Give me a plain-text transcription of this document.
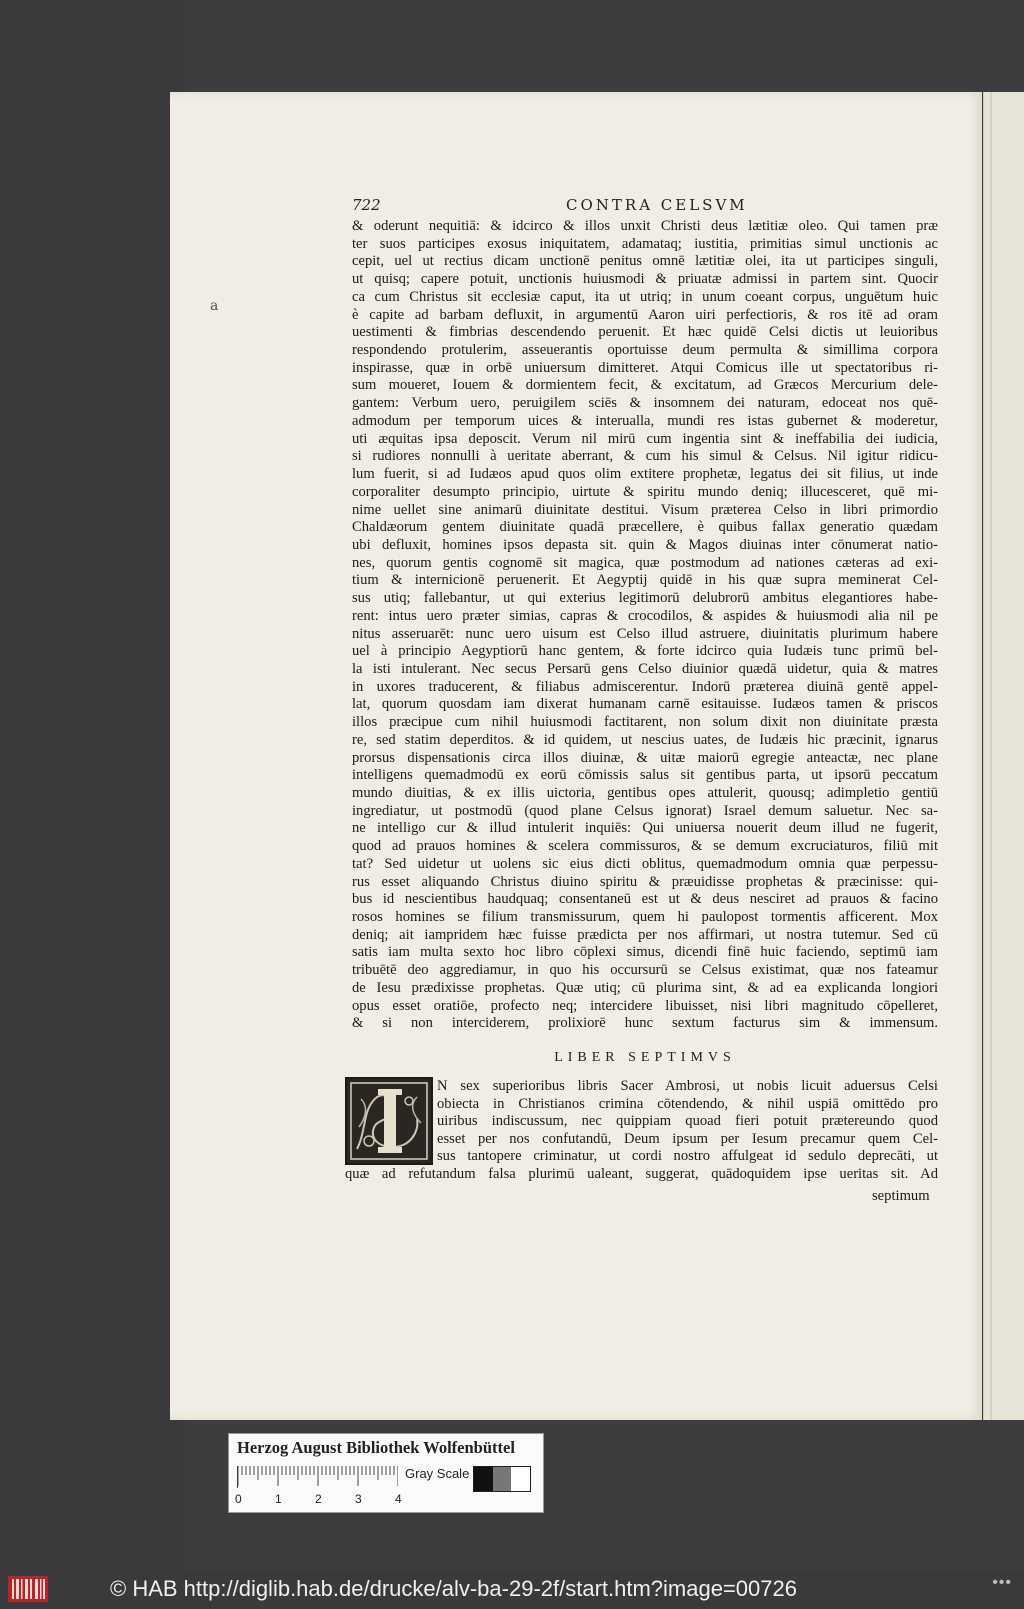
722	CONTRA CELSVM
a
& oderunt nequitiā: & idcirco & illos unxit Christi deus lætitiæ oleo. Qui tamen præ
ter suos participes exosus iniquitatem, adamataq; iustitia, primitias simul unctionis ac
cepit, uel ut rectius dicam unctionē penitus omnē lætitiæ olei, ita ut participes singuli,
ut quisq; capere potuit, unctionis huiusmodi & priuatæ admissi in partem sint. Quocir
ca cum Christus sit ecclesiæ caput, ita ut utriq; in unum coeant corpus, unguētum huic
è capite ad barbam defluxit, in argumentū Aaron uiri perfectioris, & ros itē ad oram
uestimenti & fimbrias descendendo peruenit. Et hæc quidē Celsi dictis ut leuioribus
respondendo protulerim, asseuerantis oportuisse deum permulta & simillima corpora
inspirasse, quæ in orbē uniuersum dimitteret. Atqui Comicus ille ut spectatoribus ri-
sum moueret, Iouem & dormientem fecit, & excitatum, ad Græcos Mercurium dele-
gantem: Verbum uero, peruigilem sciēs & insomnem dei naturam, edoceat nos quē-
admodum per temporum uices & interualla, mundi res istas gubernet & moderetur,
uti æquitas ipsa deposcit. Verum nil mirū cum ingentia sint & ineffabilia dei iudicia,
si rudiores nonnulli à ueritate aberrant, & cum his simul & Celsus. Nil igitur ridicu-
lum fuerit, si ad Iudæos apud quos olim extitere prophetæ, legatus dei sit filius, ut inde
corporaliter desumpto principio, uirtute & spiritu mundo deniq; illucesceret, quē mi-
nime uellet sine animarū diuinitate destitui. Visum præterea Celso in libri primordio
Chaldæorum gentem diuinitate quadā præcellere, è quibus fallax generatio quædam
ubi defluxit, homines ipsos depasta sit. quin & Magos diuinas inter cōnumerat natio-
nes, quorum gentis cognomē sit magica, quæ postmodum ad nationes cæteras ad exi-
tium & internicionē peruenerit. Et Aegyptij quidē in his quæ supra meminerat Cel-
sus utiq; fallebantur, ut qui exterius legitimorū delubrorū ambitus elegantiores habe-
rent: intus uero præter simias, capras & crocodilos, & aspides & huiusmodi alia nil pe
nitus asseruarēt: nunc uero uisum est Celso illud astruere, diuinitatis plurimum habere
uel à principio Aegyptiorū hanc gentem, & forte idcirco quia Iudæis tunc primū bel-
la isti intulerant. Nec secus Persarū gens Celso diuinior quædā uidetur, quia & matres
in uxores traducerent, & filiabus admiscerentur. Indorū præterea diuinā gentē appel-
lat, quorum quosdam iam dixerat humanam carnē esitauisse. Iudæos tamen & priscos
illos præcipue cum nihil huiusmodi factitarent, non solum dixit non diuinitate præsta
re, sed statim deperditos. & id quidem, ut nescius uates, de Iudæis hic præcinit, ignarus
prorsus dispensationis circa illos diuinæ, & uitæ maiorū egregie anteactæ, nec plane
intelligens quemadmodū ex eorū cōmissis salus sit gentibus parta, ut ipsorū peccatum
mundo diuitias, & ex illis uictoria, gentibus opes attulerit, quousq; adimpletio gentiū
ingrediatur, ut postmodū (quod plane Celsus ignorat) Israel demum saluetur. Nec sa-
ne intelligo cur & illud intulerit inquiēs: Qui uniuersa nouerit deum illud ne fugerit,
quod ad prauos homines & scelera commissuros, & se demum excruciaturos, filiū mit
tat? Sed uidetur ut uolens sic eius dicti oblitus, quemadmodum omnia quæ perpessu-
rus esset aliquando Christus diuino spiritu & præuidisse prophetas & præcinisse: qui-
bus id nescientibus haudquaq; consentaneū est ut & deus nesciret ad prauos & facino
rosos homines se filium transmissurum, quem hi paulopost tormentis afficerent. Mox
deniq; ait iampridem hæc fuisse prædicta per nos affirmari, ut nostra tutemur. Sed cū
satis iam multa sexto hoc libro cōplexi simus, dicendi finē huic faciendo, septimū iam
tribuētē deo aggrediamur, in quo his occursurū se Celsus existimat, quæ nos fateamur
de Iesu prædixisse prophetas. Quæ utiq; cū plurima sint, & ad ea explicanda longiori
opus esset oratiōe, profecto neq; intercidere libuisset, nisi libri magnitudo cōpelleret,
& si non interciderem, prolixiorē hunc sextum facturus sim & immensum.
LIBER SEPTIMVS
N sex superioribus libris Sacer Ambrosi, ut nobis licuit aduersus Celsi
obiecta in Christianos crimina cōtendendo, & nihil uspiā omittēdo pro
uiribus indiscussum, nec quippiam quoad fieri potuit prætereundo quod
esset per nos confutandū, Deum ipsum per Iesum precamur quem Cel-
sus tantopere criminatur, ut cordi nostro affulgeat id sedulo deprecāti, ut
quæ ad refutandum falsa plurimū ualeant, suggerat, quādoquidem ipse ueritas sit. Ad
septimum
Herzog August Bibliothek Wolfenbüttel
0	1	2	3	4
Gray Scale
© HAB http://diglib.hab.de/drucke/alv-ba-29-2f/start.htm?image=00726	•••
